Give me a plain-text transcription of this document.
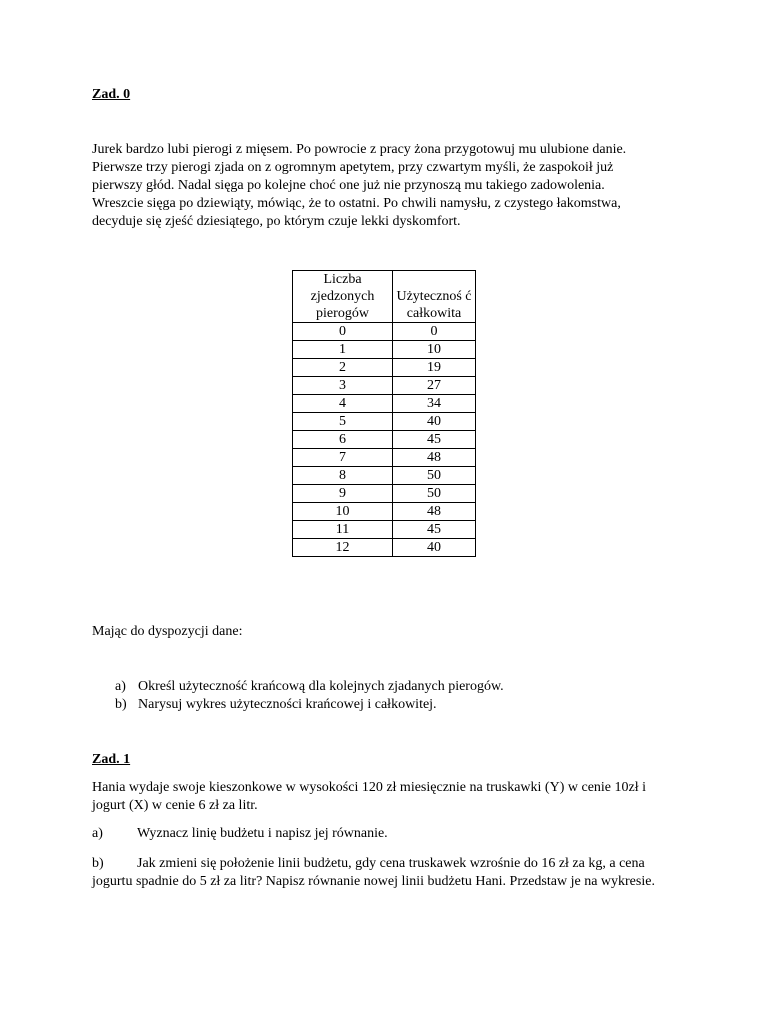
Zad. 0

Jurek bardzo lubi pierogi z mięsem. Po powrocie z pracy żona przygotowuj mu ulubione danie. Pierwsze trzy pierogi zjada on z ogromnym apetytem, przy czwartym myśli, że zaspokoił już pierwszy głód. Nadal sięga po kolejne choć one już nie przynoszą mu takiego zadowolenia. Wreszcie sięga po dziewiąty, mówiąc, że to ostatni. Po chwili namysłu, z czystego łakomstwa, decyduje się zjeść dziesiątego, po którym czuje lekki dyskomfort.

Liczba zjedzonych pierogów	Użytecznoś ć całkowita
0	0
1	10
2	19
3	27
4	34
5	40
6	45
7	48
8	50
9	50
10	48
11	45
12	40

Mając do dyspozycji dane:

a) Określ użyteczność krańcową dla kolejnych zjadanych pierogów.
b) Narysuj wykres użyteczności krańcowej i całkowitej.
Zad. 1

Hania wydaje swoje kieszonkowe w wysokości 120 zł miesięcznie na truskawki (Y) w cenie 10zł i jogurt (X) w cenie 6 zł za litr.

a)	Wyznacz linię budżetu i napisz jej równanie.

b) Jak zmieni się położenie linii budżetu, gdy cena truskawek wzrośnie do 16 zł za kg, a cena jogurtu spadnie do 5 zł za litr? Napisz równanie nowej linii budżetu Hani. Przedstaw je na wykresie.
